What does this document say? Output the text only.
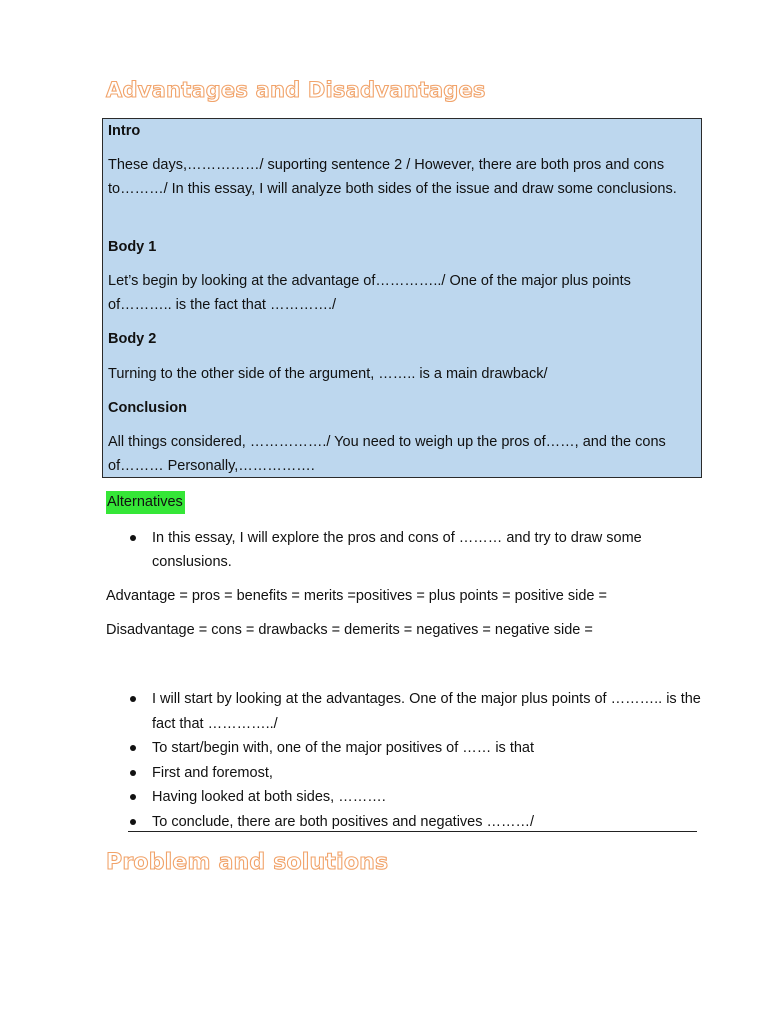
Advantages and Disadvantages

Intro

These days,……………/ suporting sentence 2 / However, there are both pros and cons to………/ In this essay, I will analyze both sides of the issue and draw some conclusions.

Body 1

Let’s begin by looking at the advantage of…………../ One of the major plus points of……….. is the fact that …………./

Body 2

Turning to the other side of the argument, …….. is a main drawback/

Conclusion

All things considered, ……………./ You need to weigh up the pros of……, and the cons of……… Personally,…………….

Alternatives
In this essay, I will explore the pros and cons of ……… and try to draw some conslusions.

Advantage = pros = benefits = merits =positives = plus points = positive side =

Disadvantage = cons = drawbacks = demerits = negatives = negative side =

I will start by looking at the advantages. One of the major plus points of ……….. is the fact that …………../
To start/begin with, one of the major positives of …… is that
First and foremost,
Having looked at both sides, ……….
To conclude, there are both positives and negatives ………/
Problem and solutions
